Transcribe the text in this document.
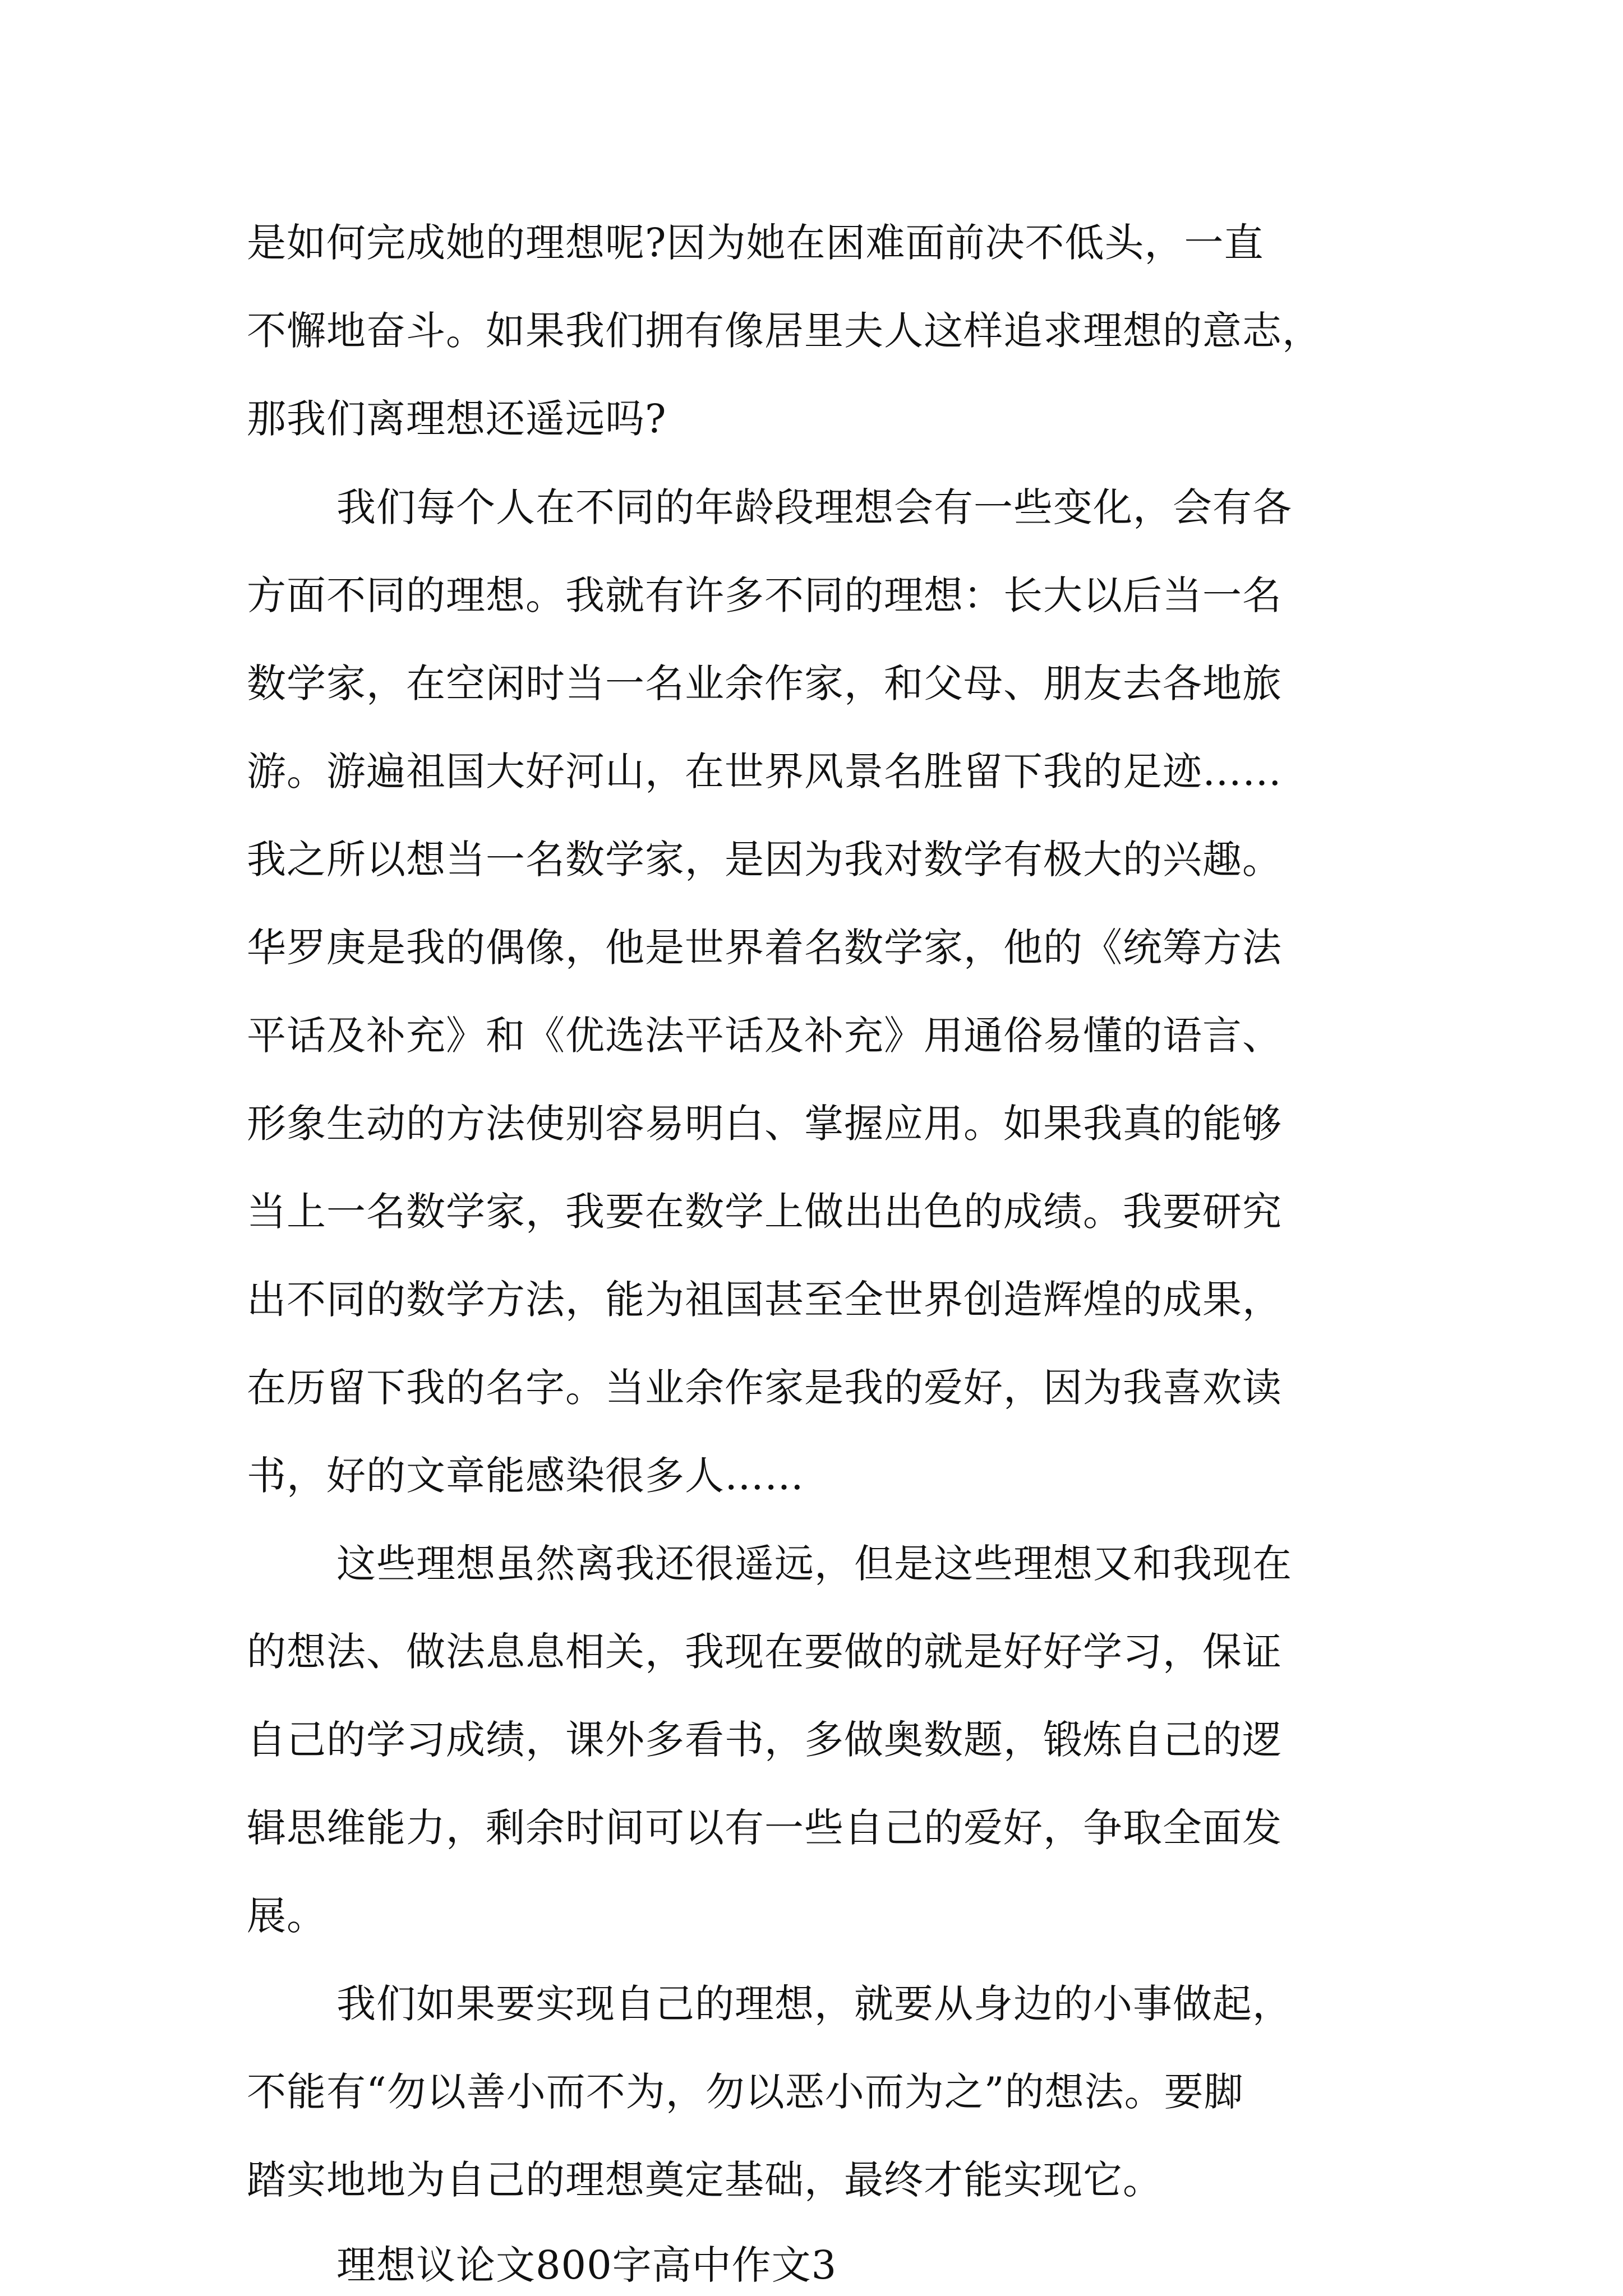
是如何完成她的理想呢?因为她在困难面前决不低头，一直
不懈地奋斗。如果我们拥有像居里夫人这样追求理想的意志，
那我们离理想还遥远吗?
我们每个人在不同的年龄段理想会有一些变化，会有各
方面不同的理想。我就有许多不同的理想：长大以后当一名
数学家，在空闲时当一名业余作家，和父母、朋友去各地旅
游。游遍祖国大好河山，在世界风景名胜留下我的足迹……
我之所以想当一名数学家，是因为我对数学有极大的兴趣。
华罗庚是我的偶像，他是世界着名数学家，他的《统筹方法
平话及补充》和《优选法平话及补充》用通俗易懂的语言、
形象生动的方法使别容易明白、掌握应用。如果我真的能够
当上一名数学家，我要在数学上做出出色的成绩。我要研究
出不同的数学方法，能为祖国甚至全世界创造辉煌的成果，
在历留下我的名字。当业余作家是我的爱好，因为我喜欢读
书，好的文章能感染很多人……
这些理想虽然离我还很遥远，但是这些理想又和我现在
的想法、做法息息相关，我现在要做的就是好好学习，保证
自己的学习成绩，课外多看书，多做奥数题，锻炼自己的逻
辑思维能力，剩余时间可以有一些自己的爱好，争取全面发
展。
我们如果要实现自己的理想，就要从身边的小事做起，
不能有“勿以善小而不为，勿以恶小而为之”的想法。要脚
踏实地地为自己的理想奠定基础，最终才能实现它。
理想议论文800字高中作文3
